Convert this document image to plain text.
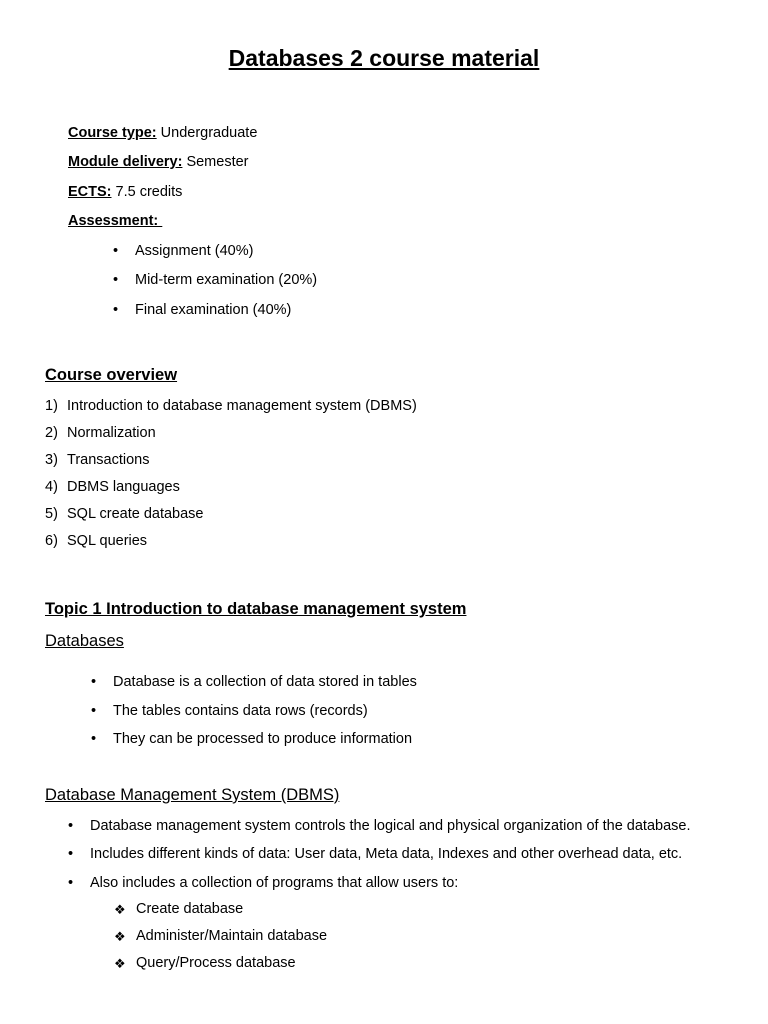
Databases 2 course material
Course type: Undergraduate
Module delivery: Semester
ECTS: 7.5 credits
Assessment:
• Assignment (40%)
• Mid-term examination (20%)
• Final examination (40%)
Course overview
1) Introduction to database management system (DBMS)
2) Normalization
3) Transactions
4) DBMS languages
5) SQL create database
6) SQL queries
Topic 1 Introduction to database management system
Databases
• Database is a collection of data stored in tables
• The tables contains data rows (records)
• They can be processed to produce information
Database Management System (DBMS)
• Database management system controls the logical and physical organization of the database.
• Includes different kinds of data: User data, Meta data, Indexes and other overhead data, etc.
• Also includes a collection of programs that allow users to:
❖ Create database
❖ Administer/Maintain database
❖ Query/Process database
